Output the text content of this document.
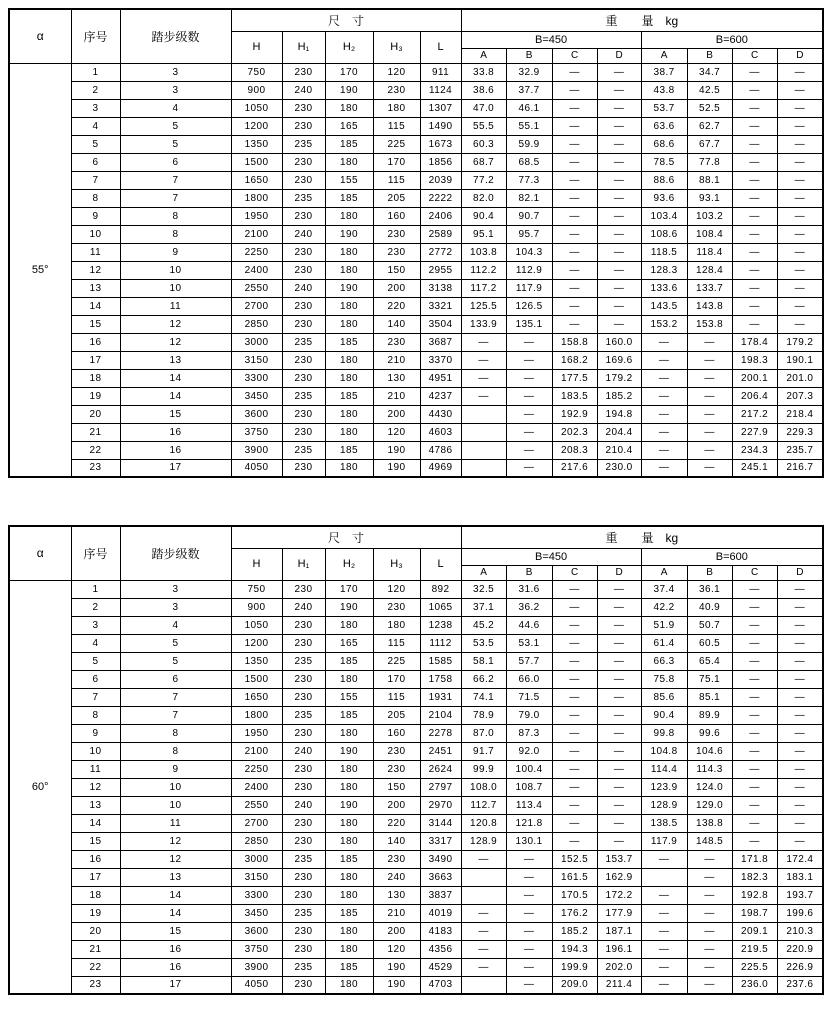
α	序号	踏步级数	尺　寸					重　　量　kg							
			H	H₁	H₂	H₃	L	B=450				B=600			
								A	B	C	D	A	B	C	D
55°	1	3	750	230	170	120	911	33.8	32.9	—	—	38.7	34.7	—	—
	2	3	900	240	190	230	1124	38.6	37.7	—	—	43.8	42.5	—	—
	3	4	1050	230	180	180	1307	47.0	46.1	—	—	53.7	52.5	—	—
	4	5	1200	230	165	115	1490	55.5	55.1	—	—	63.6	62.7	—	—
	5	5	1350	235	185	225	1673	60.3	59.9	—	—	68.6	67.7	—	—
	6	6	1500	230	180	170	1856	68.7	68.5	—	—	78.5	77.8	—	—
	7	7	1650	230	155	115	2039	77.2	77.3	—	—	88.6	88.1	—	—
	8	7	1800	235	185	205	2222	82.0	82.1	—	—	93.6	93.1	—	—
	9	8	1950	230	180	160	2406	90.4	90.7	—	—	103.4	103.2	—	—
	10	8	2100	240	190	230	2589	95.1	95.7	—	—	108.6	108.4	—	—
	11	9	2250	230	180	230	2772	103.8	104.3	—	—	118.5	118.4	—	—
	12	10	2400	230	180	150	2955	112.2	112.9	—	—	128.3	128.4	—	—
	13	10	2550	240	190	200	3138	117.2	117.9	—	—	133.6	133.7	—	—
	14	11	2700	230	180	220	3321	125.5	126.5	—	—	143.5	143.8	—	—
	15	12	2850	230	180	140	3504	133.9	135.1	—	—	153.2	153.8	—	—
	16	12	3000	235	185	230	3687	—	—	158.8	160.0	—	—	178.4	179.2
	17	13	3150	230	180	210	3370	—	—	168.2	169.6	—	—	198.3	190.1
	18	14	3300	230	180	130	4951	—	—	177.5	179.2	—	—	200.1	201.0
	19	14	3450	235	185	210	4237	—	—	183.5	185.2	—	—	206.4	207.3
	20	15	3600	230	180	200	4430		—	192.9	194.8	—	—	217.2	218.4
	21	16	3750	230	180	120	4603		—	202.3	204.4	—	—	227.9	229.3
	22	16	3900	235	185	190	4786		—	208.3	210.4	—	—	234.3	235.7
	23	17	4050	230	180	190	4969		—	217.6	230.0	—	—	245.1	216.7
α	序号	踏步级数	尺　寸					重　　量　kg							
			H	H₁	H₂	H₃	L	B=450				B=600			
								A	B	C	D	A	B	C	D
60°	1	3	750	230	170	120	892	32.5	31.6	—	—	37.4	36.1	—	—
	2	3	900	240	190	230	1065	37.1	36.2	—	—	42.2	40.9	—	—
	3	4	1050	230	180	180	1238	45.2	44.6	—	—	51.9	50.7	—	—
	4	5	1200	230	165	115	1112	53.5	53.1	—	—	61.4	60.5	—	—
	5	5	1350	235	185	225	1585	58.1	57.7	—	—	66.3	65.4	—	—
	6	6	1500	230	180	170	1758	66.2	66.0	—	—	75.8	75.1	—	—
	7	7	1650	230	155	115	1931	74.1	71.5	—	—	85.6	85.1	—	—
	8	7	1800	235	185	205	2104	78.9	79.0	—	—	90.4	89.9	—	—
	9	8	1950	230	180	160	2278	87.0	87.3	—	—	99.8	99.6	—	—
	10	8	2100	240	190	230	2451	91.7	92.0	—	—	104.8	104.6	—	—
	11	9	2250	230	180	230	2624	99.9	100.4	—	—	114.4	114.3	—	—
	12	10	2400	230	180	150	2797	108.0	108.7	—	—	123.9	124.0	—	—
	13	10	2550	240	190	200	2970	112.7	113.4	—	—	128.9	129.0	—	—
	14	11	2700	230	180	220	3144	120.8	121.8	—	—	138.5	138.8	—	—
	15	12	2850	230	180	140	3317	128.9	130.1	—	—	117.9	148.5	—	—
	16	12	3000	235	185	230	3490	—	—	152.5	153.7	—	—	171.8	172.4
	17	13	3150	230	180	240	3663		—	161.5	162.9		—	182.3	183.1
	18	14	3300	230	180	130	3837		—	170.5	172.2	—	—	192.8	193.7
	19	14	3450	235	185	210	4019	—	—	176.2	177.9	—	—	198.7	199.6
	20	15	3600	230	180	200	4183	—	—	185.2	187.1	—	—	209.1	210.3
	21	16	3750	230	180	120	4356	—	—	194.3	196.1	—	—	219.5	220.9
	22	16	3900	235	185	190	4529	—	—	199.9	202.0	—	—	225.5	226.9
	23	17	4050	230	180	190	4703		—	209.0	211.4	—	—	236.0	237.6
